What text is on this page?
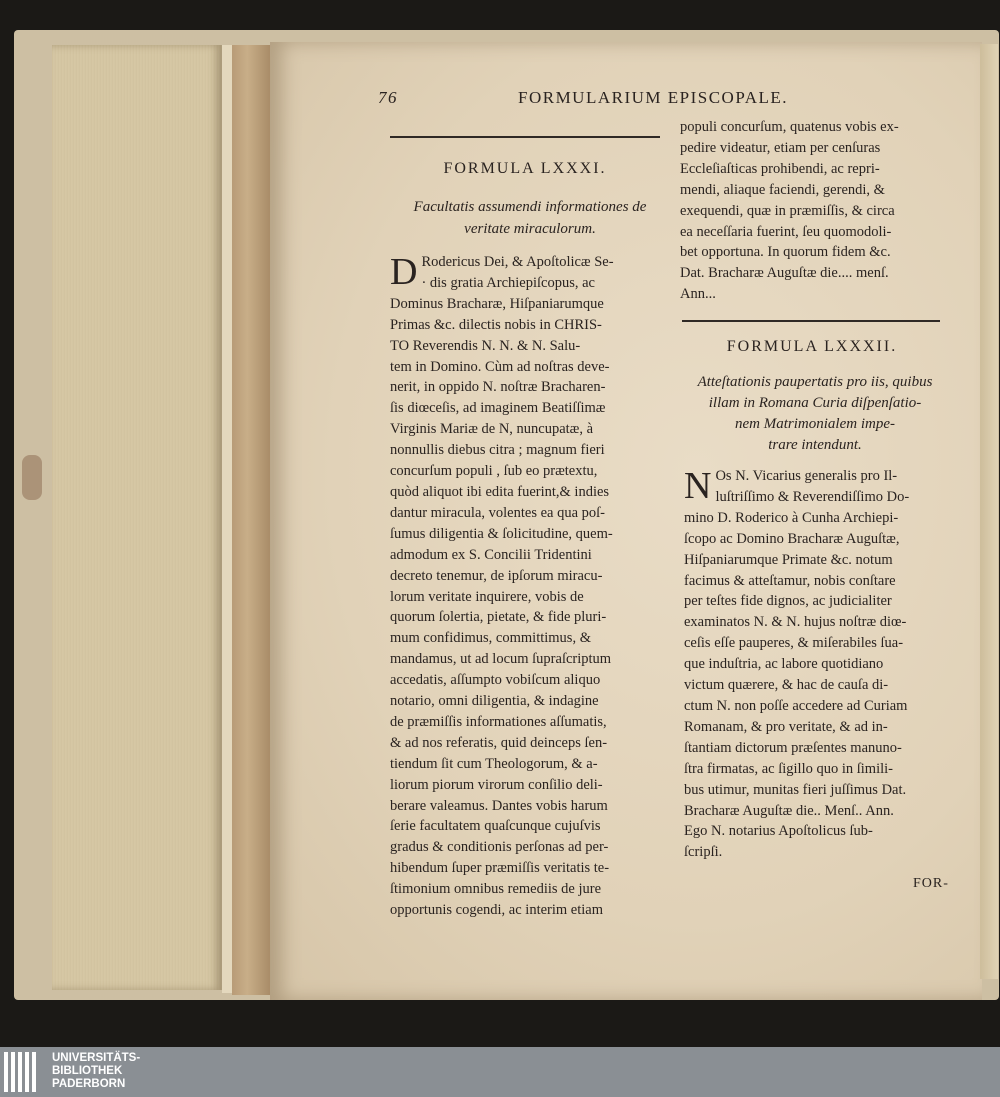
76	FORMULARIUM EPISCOPALE.
FORMULA LXXXI.
Facultatis assumendi informationes de veritate miraculorum.
D Rodericus Dei, & Apoſtolicæ Se-
· dis gratia Archiepiſcopus, ac
Dominus Bracharæ, Hiſpaniarumque
Primas &c. dilectis nobis in CHRIS-
TO Reverendis N. N. & N. Salu-
tem in Domino. Cùm ad noſtras deve-
nerit, in oppido N. noſtræ Bracharen-
ſis diœceſis, ad imaginem Beatiſſimæ
Virginis Mariæ de N, nuncupatæ, à
nonnullis diebus citra ; magnum fieri
concurſum populi , ſub eo prætextu,
quòd aliquot ibi edita fuerint,& indies
dantur miracula, volentes ea qua poſ-
ſumus diligentia & ſolicitudine, quem-
admodum ex S. Concilii Tridentini
decreto tenemur, de ipſorum miracu-
lorum veritate inquirere, vobis de
quorum ſolertia, pietate, & fide pluri-
mum confidimus, committimus, &
mandamus, ut ad locum ſupraſcriptum
accedatis, aſſumpto vobiſcum aliquo
notario, omni diligentia, & indagine
de præmiſſis informationes aſſumatis,
& ad nos referatis, quid deinceps ſen-
tiendum ſit cum Theologorum, & a-
liorum piorum virorum conſilio deli-
berare valeamus. Dantes vobis harum
ſerie facultatem quaſcunque cujuſvis
gradus & conditionis perſonas ad per-
hibendum ſuper præmiſſis veritatis te-
ſtimonium omnibus remediis de jure
opportunis cogendi, ac interim etiam
populi concurſum, quatenus vobis ex-
pedire videatur, etiam per cenſuras
Eccleſiaſticas prohibendi, ac repri-
mendi, aliaque faciendi, gerendi, &
exequendi, quæ in præmiſſis, & circa
ea neceſſaria fuerint, ſeu quomodoli-
bet opportuna. In quorum fidem &c.
Dat. Bracharæ Auguſtæ die.... menſ.
Ann...
FORMULA LXXXII.
Atteſtationis paupertatis pro iis, quibus
illam in Romana Curia diſpenſatio-
nem Matrimonialem impe-
trare intendunt.
N Os N. Vicarius generalis pro Il-
luſtriſſimo & Reverendiſſimo Do-
mino D. Roderico à Cunha Archiepi-
ſcopo ac Domino Bracharæ Auguſtæ,
Hiſpaniarumque Primate &c. notum
facimus & atteſtamur, nobis conſtare
per teſtes fide dignos, ac judicialiter
examinatos N. & N. hujus noſtræ diœ-
ceſis eſſe pauperes, & miſerabiles ſua-
que induſtria, ac labore quotidiano
victum quærere, & hac de cauſa di-
ctum N. non poſſe accedere ad Curiam
Romanam, & pro veritate, & ad in-
ſtantiam dictorum præſentes manuno-
ſtra firmatas, ac ſigillo quo in ſimili-
bus utimur, munitas fieri juſſimus Dat.
Bracharæ Auguſtæ die.. Menſ.. Ann.
Ego N. notarius Apoſtolicus ſub-
ſcripſi.
FOR-
UNIVERSITÄTS-
BIBLIOTHEK
PADERBORN
